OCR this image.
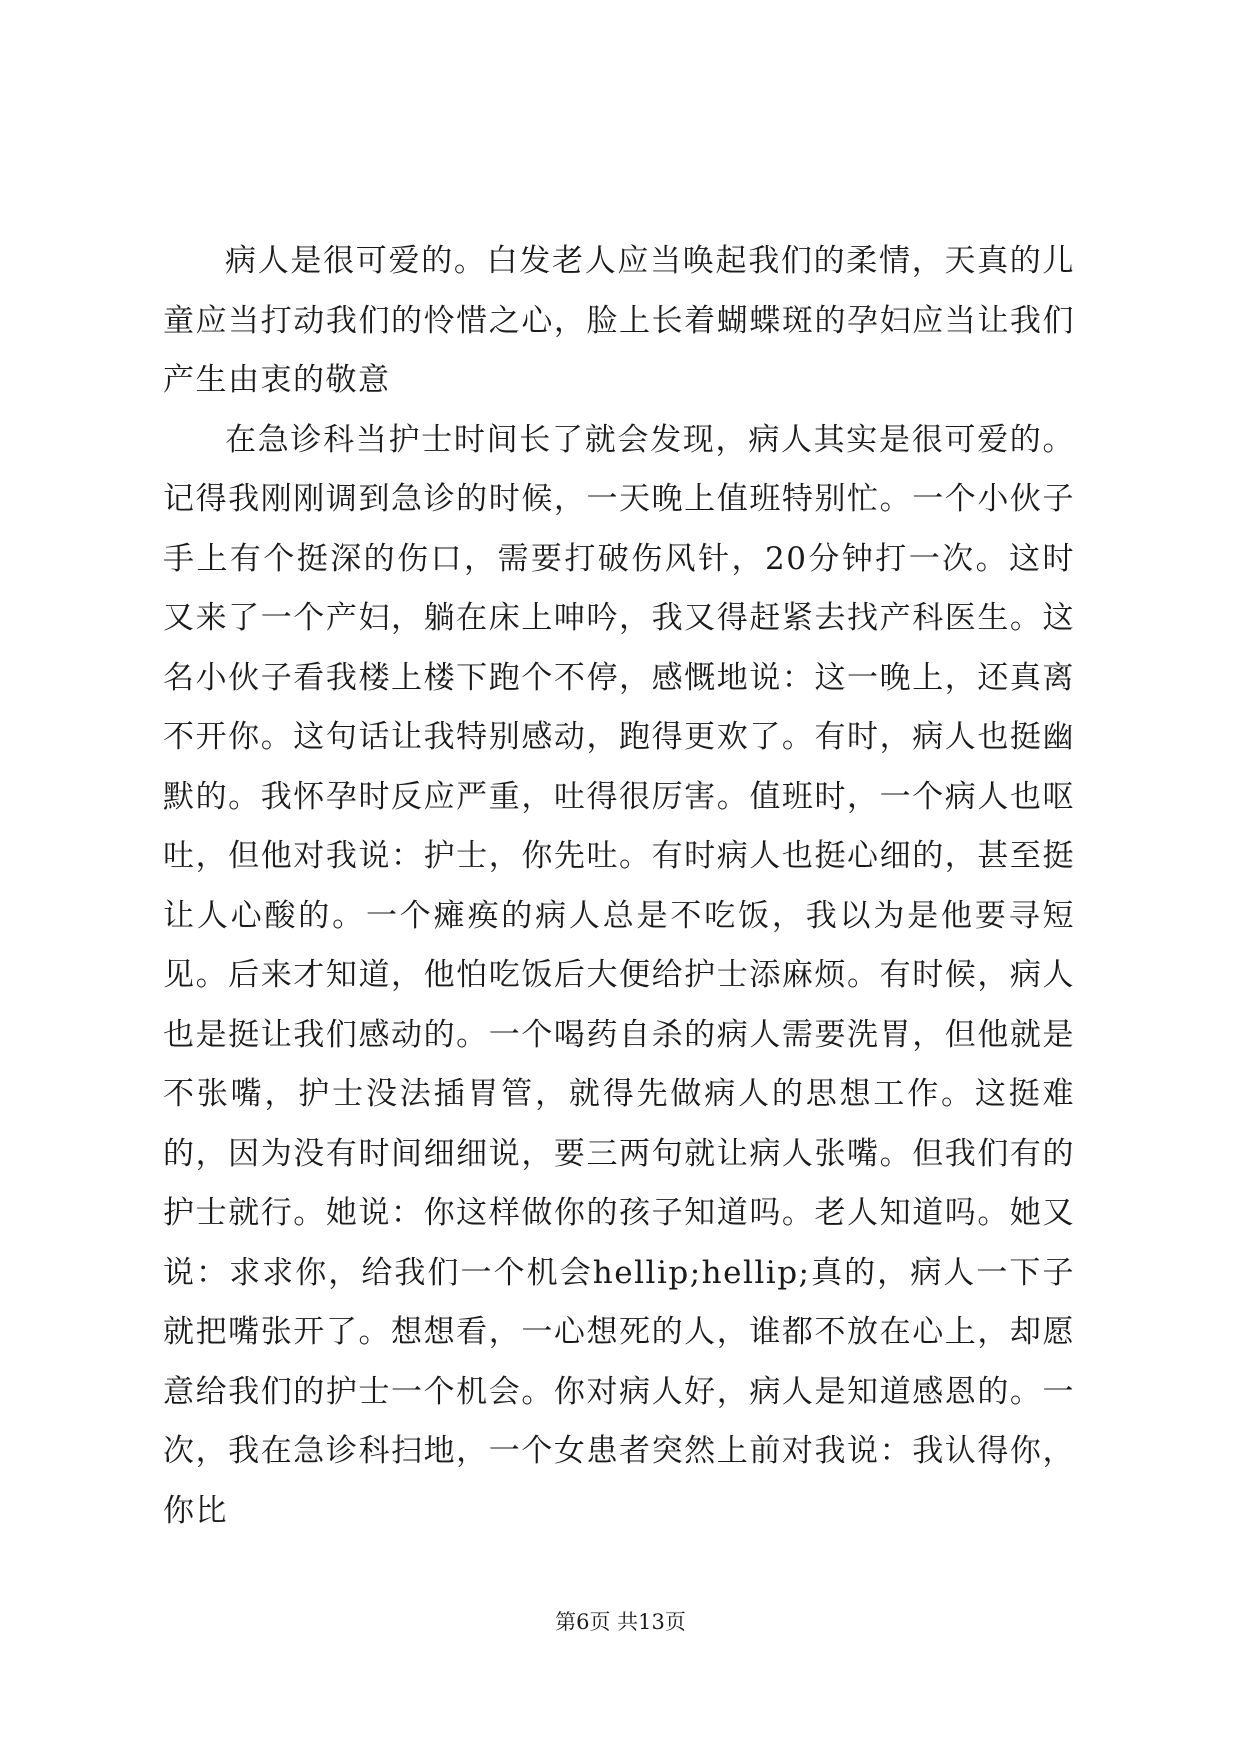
病人是很可爱的。白发老人应当唤起我们的柔情，天真的儿童应当打动我们的怜惜之心，脸上长着蝴蝶斑的孕妇应当让我们产生由衷的敬意

在急诊科当护士时间长了就会发现，病人其实是很可爱的。记得我刚刚调到急诊的时候，一天晚上值班特别忙。一个小伙子手上有个挺深的伤口，需要打破伤风针，20分钟打一次。这时又来了一个产妇，躺在床上呻吟，我又得赶紧去找产科医生。这名小伙子看我楼上楼下跑个不停，感慨地说：这一晚上，还真离不开你。这句话让我特别感动，跑得更欢了。有时，病人也挺幽默的。我怀孕时反应严重，吐得很厉害。值班时，一个病人也呕吐，但他对我说：护士，你先吐。有时病人也挺心细的，甚至挺让人心酸的。一个瘫痪的病人总是不吃饭，我以为是他要寻短见。后来才知道，他怕吃饭后大便给护士添麻烦。有时候，病人也是挺让我们感动的。一个喝药自杀的病人需要洗胃，但他就是不张嘴，护士没法插胃管，就得先做病人的思想工作。这挺难的，因为没有时间细细说，要三两句就让病人张嘴。但我们有的护士就行。她说：你这样做你的孩子知道吗。老人知道吗。她又说：求求你，给我们一个机会hellip;hellip;真的，病人一下子就把嘴张开了。想想看，一心想死的人，谁都不放在心上，却愿意给我们的护士一个机会。你对病人好，病人是知道感恩的。一次，我在急诊科扫地，一个女患者突然上前对我说：我认得你，你比

第6页 共13页
